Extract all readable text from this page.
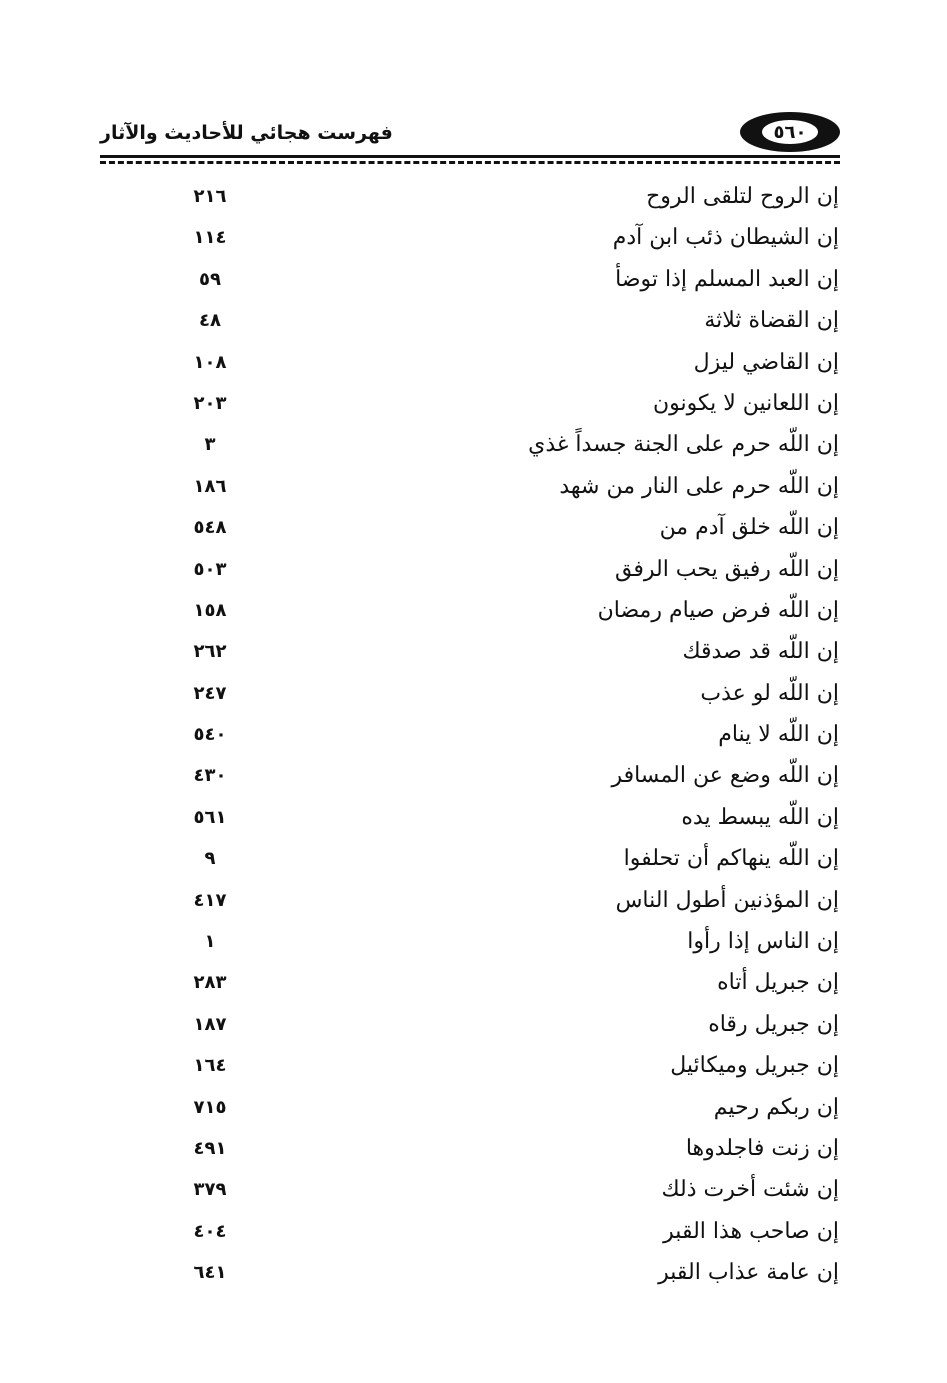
٥٦٠
فهرست هجائي للأحاديث والآثار
إن الروح لتلقى الروح
٢١٦
إن الشيطان ذئب ابن آدم
١١٤
إن العبد المسلم إذا توضأ
٥٩
إن القضاة ثلاثة
٤٨
إن القاضي ليزل
١٠٨
إن اللعانين لا يكونون
٢٠٣
إن اللّه حرم على الجنة جسداً غذي
٣
إن اللّه حرم على النار من شهد
١٨٦
إن اللّه خلق آدم من
٥٤٨
إن اللّه رفيق يحب الرفق
٥٠٣
إن اللّه فرض صيام رمضان
١٥٨
إن اللّه قد صدقك
٢٦٢
إن اللّه لو عذب
٢٤٧
إن اللّه لا ينام
٥٤٠
إن اللّه وضع عن المسافر
٤٣٠
إن اللّه يبسط يده
٥٦١
إن اللّه ينهاكم أن تحلفوا
٩
إن المؤذنين أطول الناس
٤١٧
إن الناس إذا رأوا
١
إن جبريل أتاه
٢٨٣
إن جبريل رقاه
١٨٧
إن جبريل وميكائيل
١٦٤
إن ربكم رحيم
٧١٥
إن زنت فاجلدوها
٤٩١
إن شئت أخرت ذلك
٣٧٩
إن صاحب هذا القبر
٤٠٤
إن عامة عذاب القبر
٦٤١
